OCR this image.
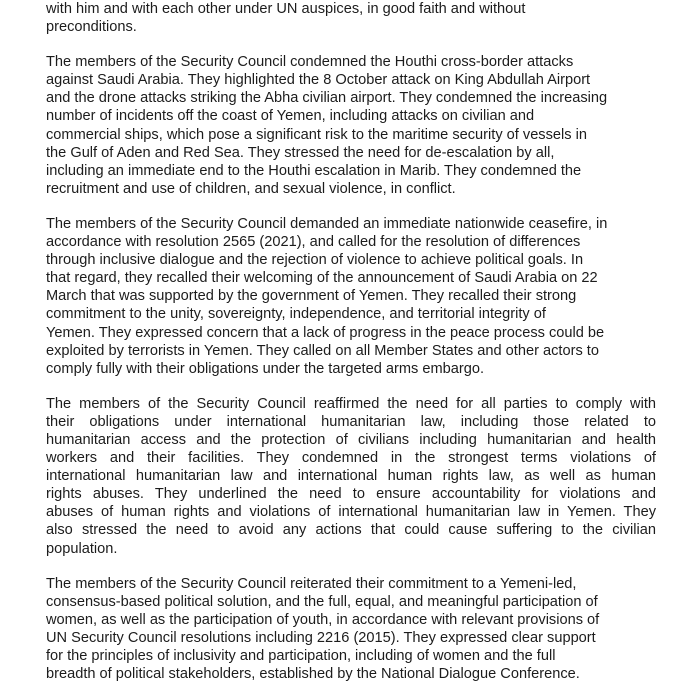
with him and with each other under UN auspices, in good faith and without
preconditions.
The members of the Security Council condemned the Houthi cross-border attacks
against Saudi Arabia. They highlighted the 8 October attack on King Abdullah Airport
and the drone attacks striking the Abha civilian airport. They condemned the increasing
number of incidents off the coast of Yemen, including attacks on civilian and
commercial ships, which pose a significant risk to the maritime security of vessels in
the Gulf of Aden and Red Sea. They stressed the need for de-escalation by all,
including an immediate end to the Houthi escalation in Marib. They condemned the
recruitment and use of children, and sexual violence, in conflict.
The members of the Security Council demanded an immediate nationwide ceasefire, in
accordance with resolution 2565 (2021), and called for the resolution of differences
through inclusive dialogue and the rejection of violence to achieve political goals. In
that regard, they recalled their welcoming of the announcement of Saudi Arabia on 22
March that was supported by the government of Yemen. They recalled their strong
commitment to the unity, sovereignty, independence, and territorial integrity of
Yemen. They expressed concern that a lack of progress in the peace process could be
exploited by terrorists in Yemen. They called on all Member States and other actors to
comply fully with their obligations under the targeted arms embargo.
The members of the Security Council reaffirmed the need for all parties to comply with
their obligations under international humanitarian law, including those related to
humanitarian access and the protection of civilians including humanitarian and health
workers and their facilities. They condemned in the strongest terms violations of
international humanitarian law and international human rights law, as well as human
rights abuses. They underlined the need to ensure accountability for violations and
abuses of human rights and violations of international humanitarian law in Yemen. They
also stressed the need to avoid any actions that could cause suffering to the civilian
population.
The members of the Security Council reiterated their commitment to a Yemeni-led,
consensus-based political solution, and the full, equal, and meaningful participation of
women, as well as the participation of youth, in accordance with relevant provisions of
UN Security Council resolutions including 2216 (2015). They expressed clear support
for the principles of inclusivity and participation, including of women and the full
breadth of political stakeholders, established by the National Dialogue Conference.
